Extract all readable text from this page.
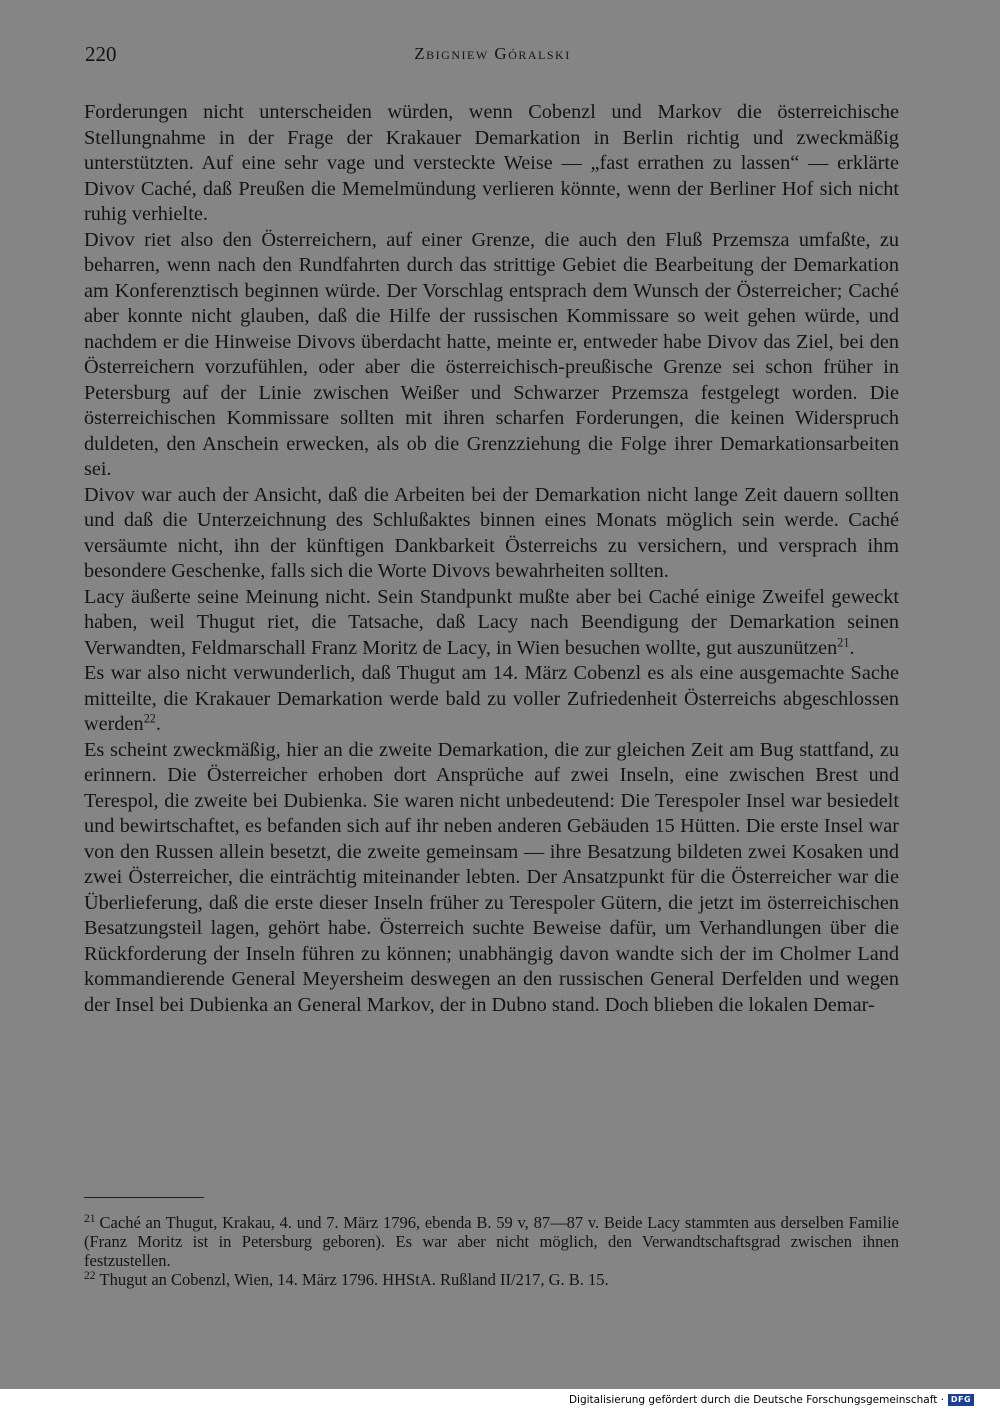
220	Zbigniew Góralski

Forderungen nicht unterscheiden würden, wenn Cobenzl und Markov die österreichische Stellungnahme in der Frage der Krakauer Demarkation in Berlin richtig und zweckmäßig unterstützten. Auf eine sehr vage und versteckte Weise — „fast errathen zu lassen“ — erklärte Divov Caché, daß Preußen die Memelmündung verlieren könnte, wenn der Berliner Hof sich nicht ruhig verhielte.

Divov riet also den Österreichern, auf einer Grenze, die auch den Fluß Przemsza umfaßte, zu beharren, wenn nach den Rundfahrten durch das strittige Gebiet die Bearbeitung der Demarkation am Konferenztisch beginnen würde. Der Vorschlag entsprach dem Wunsch der Österreicher; Caché aber konnte nicht glauben, daß die Hilfe der russischen Kommissare so weit gehen würde, und nachdem er die Hinweise Divovs überdacht hatte, meinte er, entweder habe Divov das Ziel, bei den Österreichern vorzufühlen, oder aber die österreichisch-preußische Grenze sei schon früher in Petersburg auf der Linie zwischen Weißer und Schwarzer Przemsza festgelegt worden. Die österreichischen Kommissare sollten mit ihren scharfen Forderungen, die keinen Widerspruch duldeten, den Anschein erwecken, als ob die Grenzziehung die Folge ihrer Demarkationsarbeiten sei.

Divov war auch der Ansicht, daß die Arbeiten bei der Demarkation nicht lange Zeit dauern sollten und daß die Unterzeichnung des Schlußaktes binnen eines Monats möglich sein werde. Caché versäumte nicht, ihn der künftigen Dankbarkeit Österreichs zu versichern, und versprach ihm besondere Geschenke, falls sich die Worte Divovs bewahrheiten sollten.

Lacy äußerte seine Meinung nicht. Sein Standpunkt mußte aber bei Caché einige Zweifel geweckt haben, weil Thugut riet, die Tatsache, daß Lacy nach Beendigung der Demarkation seinen Verwandten, Feldmarschall Franz Moritz de Lacy, in Wien besuchen wollte, gut auszunützen$^{21}$.

Es war also nicht verwunderlich, daß Thugut am 14. März Cobenzl es als eine ausgemachte Sache mitteilte, die Krakauer Demarkation werde bald zu voller Zufriedenheit Österreichs abgeschlossen werden$^{22}$.

Es scheint zweckmäßig, hier an die zweite Demarkation, die zur gleichen Zeit am Bug stattfand, zu erinnern. Die Österreicher erhoben dort Ansprüche auf zwei Inseln, eine zwischen Brest und Terespol, die zweite bei Dubienka. Sie waren nicht unbedeutend: Die Terespoler Insel war besiedelt und bewirtschaftet, es befanden sich auf ihr neben anderen Gebäuden 15 Hütten. Die erste Insel war von den Russen allein besetzt, die zweite gemeinsam — ihre Besatzung bildeten zwei Kosaken und zwei Österreicher, die einträchtig miteinander lebten. Der Ansatzpunkt für die Österreicher war die Überlieferung, daß die erste dieser Inseln früher zu Terespoler Gütern, die jetzt im österreichischen Besatzungsteil lagen, gehört habe. Österreich suchte Beweise dafür, um Verhandlungen über die Rückforderung der Inseln führen zu können; unabhängig davon wandte sich der im Cholmer Land kommandierende General Meyersheim deswegen an den russischen General Derfelden und wegen der Insel bei Dubienka an General Markov, der in Dubno stand. Doch blieben die lokalen Demar-

$^{21}$ Caché an Thugut, Krakau, 4. und 7. März 1796, ebenda B. 59 v, 87—87 v. Beide Lacy stammten aus derselben Familie (Franz Moritz ist in Petersburg geboren). Es war aber nicht möglich, den Verwandtschaftsgrad zwischen ihnen festzustellen.

$^{22}$ Thugut an Cobenzl, Wien, 14. März 1796. HHStA. Rußland II/217, G. B. 15.

Digitalisierung gefördert durch die Deutsche Forschungsgemeinschaft · DFG
